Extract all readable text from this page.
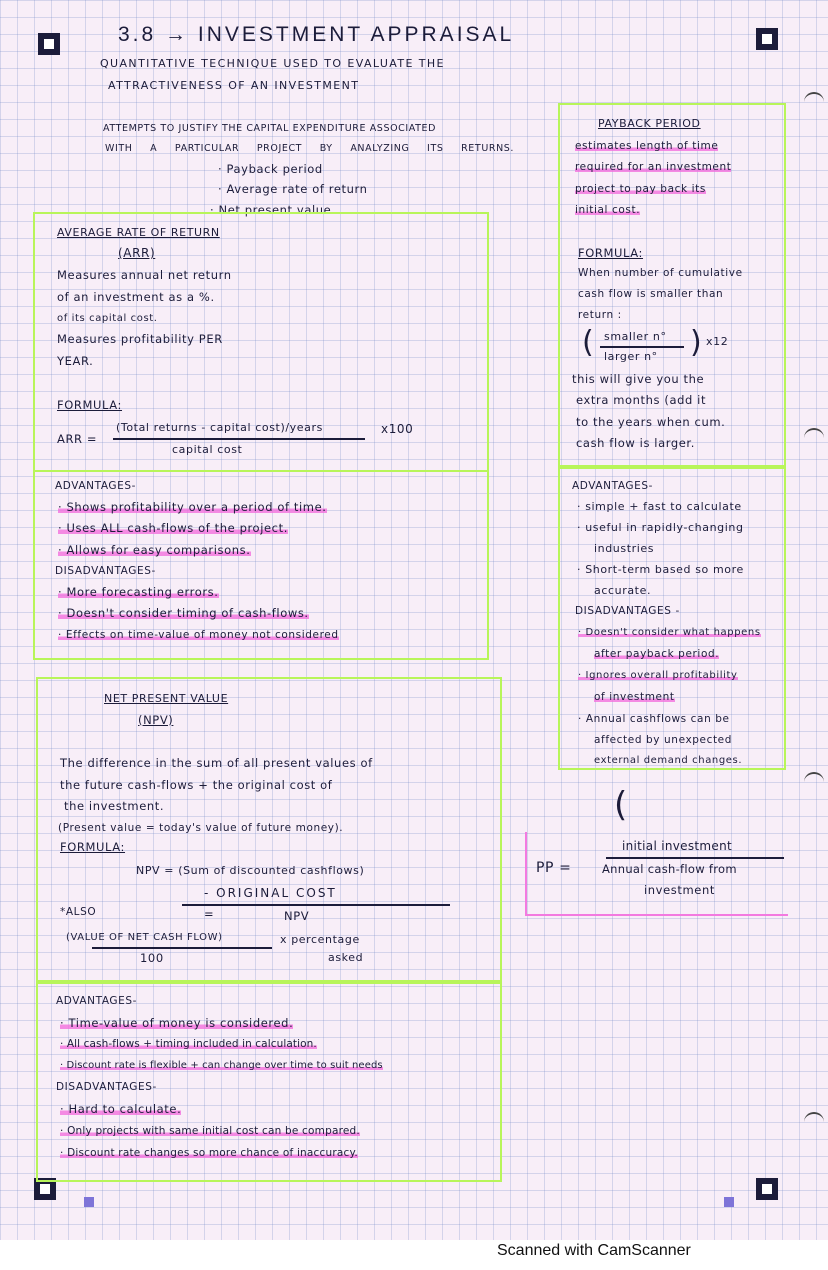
3.8 → INVESTMENT APPRAISAL
QUANTITATIVE TECHNIQUE USED TO EVALUATE THE
ATTRACTIVENESS OF AN INVESTMENT
ATTEMPTS TO JUSTIFY THE CAPITAL EXPENDITURE ASSOCIATED
WITH A PARTICULAR PROJECT BY ANALYZING ITS RETURNS.
· Payback period
· Average rate of return
· Net present value
AVERAGE RATE OF RETURN
(ARR)
Measures annual net return
of an investment as a %.
of its capital cost.
Measures profitability PER
YEAR.
FORMULA:
ARR =
(Total returns - capital cost)/years
capital cost
x100
ADVANTAGES-
· Shows profitability over a period of time.
· Uses ALL cash-flows of the project.
· Allows for easy comparisons.
DISADVANTAGES-
· More forecasting errors.
· Doesn't consider timing of cash-flows.
· Effects on time-value of money not considered
PAYBACK PERIOD
estimates length of time
required for an investment
project to pay back its
initial cost.
FORMULA:
When number of cumulative
cash flow is smaller than
return :
( smaller n°
larger n° ) x12
this will give you the
extra months (add it
to the years when cum.
cash flow is larger.
ADVANTAGES-
· simple + fast to calculate
· useful in rapidly-changing
industries
· Short-term based so more
accurate.
DISADVANTAGES -
· Doesn't consider what happens
after payback period.
· Ignores overall profitability
of investment
· Annual cashflows can be
affected by unexpected
external demand changes.
(
PP =
initial investment
Annual cash-flow from
investment
NET PRESENT VALUE
(NPV)
The difference in the sum of all present values of
the future cash-flows + the original cost of
the investment.
(Present value = today's value of future money).
FORMULA:
NPV = (Sum of discounted cashflows)
- ORIGINAL COST
*ALSO	=	NPV
(VALUE OF NET CASH FLOW)
100
x percentage
asked
ADVANTAGES-
· Time-value of money is considered.
· All cash-flows + timing included in calculation.
· Discount rate is flexible + can change over time to suit needs
DISADVANTAGES-
· Hard to calculate.
· Only projects with same initial cost can be compared.
· Discount rate changes so more chance of inaccuracy.
Scanned with CamScanner
